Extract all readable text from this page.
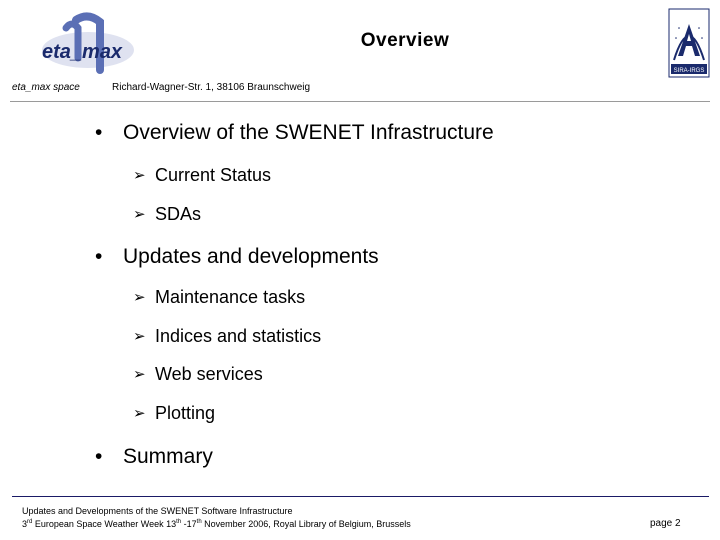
eta_max
eta_max space	Richard-Wagner-Str. 1, 38106 Braunschweig
Overview
SIRA-IRGS
• Overview of the SWENET Infrastructure
➢ Current Status
➢ SDAs
• Updates and developments
➢ Maintenance tasks
➢ Indices and statistics
➢ Web services
➢ Plotting
• Summary
Updates and Developments of the SWENET Software Infrastructure
3rd European Space Weather Week 13th -17th November 2006, Royal Library of Belgium, Brussels	page 2
